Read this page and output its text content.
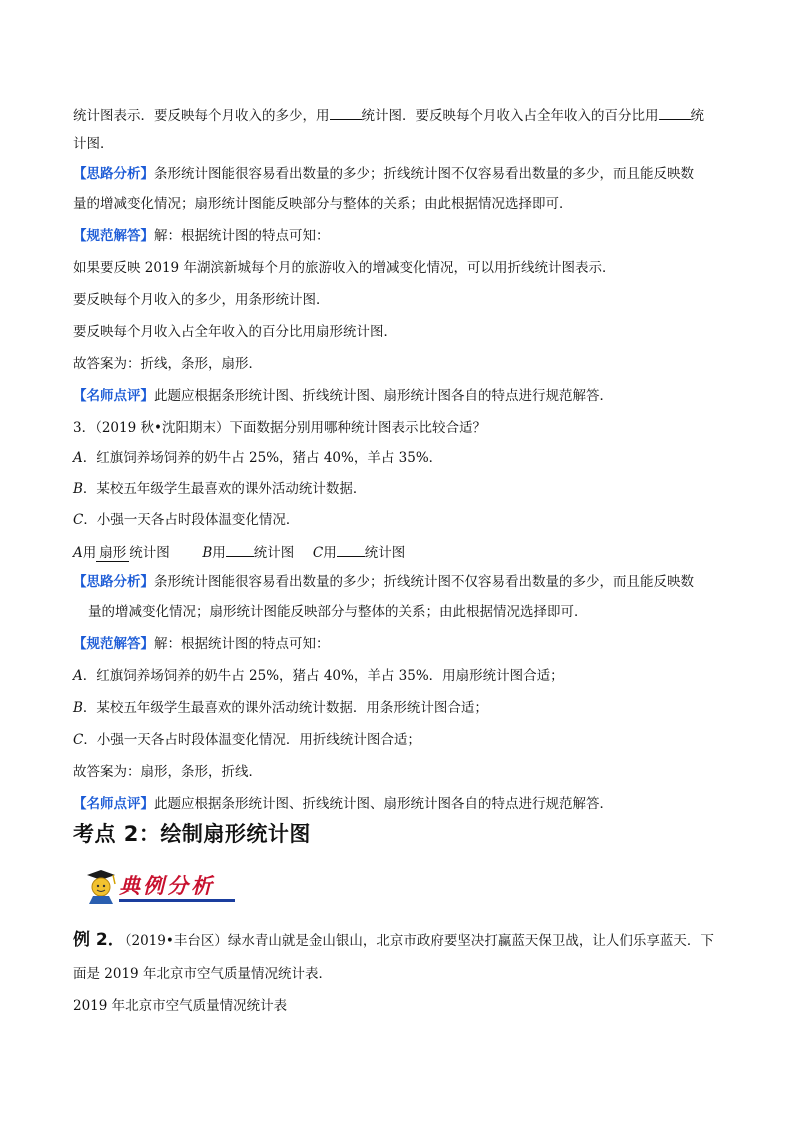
统计图表示．要反映每个月收入的多少，用 统计图．要反映每个月收入占全年收入的百分比用 统
计图．
【思路分析】条形统计图能很容易看出数量的多少；折线统计图不仅容易看出数量的多少，而且能反映数
量的增减变化情况；扇形统计图能反映部分与整体的关系；由此根据情况选择即可．
【规范解答】解：根据统计图的特点可知：
如果要反映 2019 年湖滨新城每个月的旅游收入的增减变化情况，可以用折线统计图表示．
要反映每个月收入的多少，用条形统计图．
要反映每个月收入占全年收入的百分比用扇形统计图．
故答案为：折线，条形，扇形．
【名师点评】此题应根据条形统计图、折线统计图、扇形统计图各自的特点进行规范解答．
3．（2019 秋•沈阳期末）下面数据分别用哪种统计图表示比较合适？
A．红旗饲养场饲养的奶牛占 25%，猪占 40%，羊占 35%．
B．某校五年级学生最喜欢的课外活动统计数据．
C．小强一天各占时段体温变化情况．
A用 扇形 统计图 B用 统计图 C用 统计图
【思路分析】条形统计图能很容易看出数量的多少；折线统计图不仅容易看出数量的多少，而且能反映数
量的增减变化情况；扇形统计图能反映部分与整体的关系；由此根据情况选择即可．
【规范解答】解：根据统计图的特点可知：
A．红旗饲养场饲养的奶牛占 25%，猪占 40%，羊占 35%．用扇形统计图合适；
B．某校五年级学生最喜欢的课外活动统计数据．用条形统计图合适；
C．小强一天各占时段体温变化情况．用折线统计图合适；
故答案为：扇形，条形，折线．
【名师点评】此题应根据条形统计图、折线统计图、扇形统计图各自的特点进行规范解答．
考点 2：绘制扇形统计图
典例分析
例 2．（2019•丰台区）绿水青山就是金山银山，北京市政府要坚决打赢蓝天保卫战，让人们乐享蓝天．下
面是 2019 年北京市空气质量情况统计表．
2019 年北京市空气质量情况统计表
